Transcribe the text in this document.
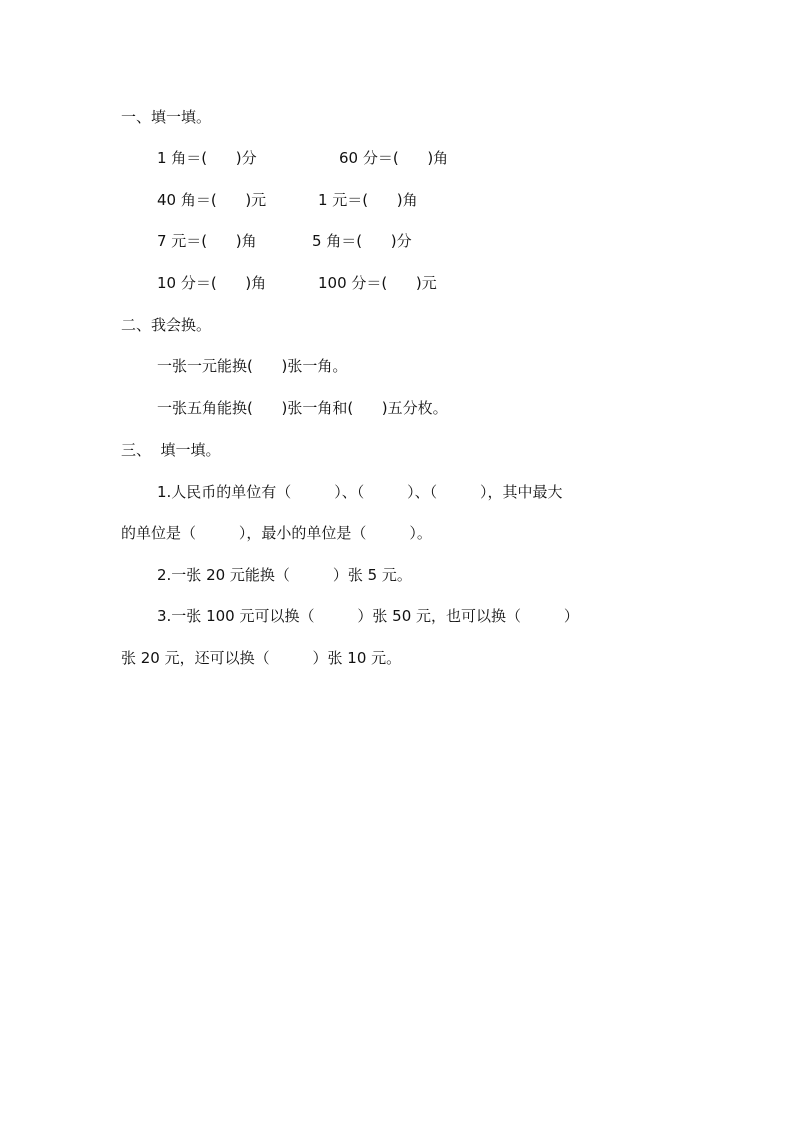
一、填一填。
1 角＝(      )分	60 分＝(      )角
40 角＝(      )元	1 元＝(      )角
7 元＝(      )角	5 角＝(      )分
10 分＝(      )角	100 分＝(      )元
二、我会换。
一张一元能换(      )张一角。
一张五角能换(      )张一角和(      )五分枚。
三、  填一填。
1.人民币的单位有（         ）、（         ）、（         ），其中最大
的单位是（         ），最小的单位是（         ）。
2.一张 20 元能换（         ）张 5 元。
3.一张 100 元可以换（         ）张 50 元，也可以换（         ）
张 20 元，还可以换（         ）张 10 元。
